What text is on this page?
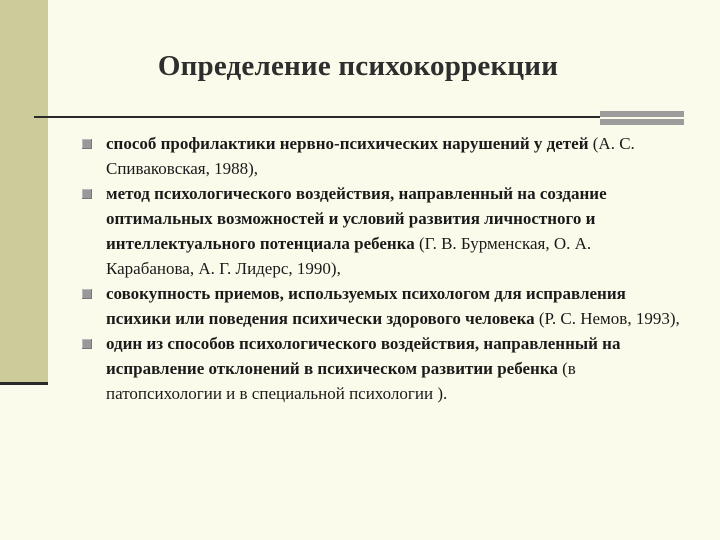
Определение психокоррекции
способ профилактики нервно-психических нарушений у детей (А. С. Спиваковская, 1988),
метод психологического воздействия, направленный на создание оптимальных возможностей и условий развития личностного и интеллектуального потенциала ребенка (Г. В. Бурменская, О. А. Карабанова, А. Г. Лидерс, 1990),
совокупность приемов, используемых психологом для исправления психики или поведения психически здорового человека (Р. С. Немов, 1993),
один из способов психологического воздействия, направленный на исправление отклонений в психическом развитии ребенка (в патопсихологии и в специальной психологии ).
